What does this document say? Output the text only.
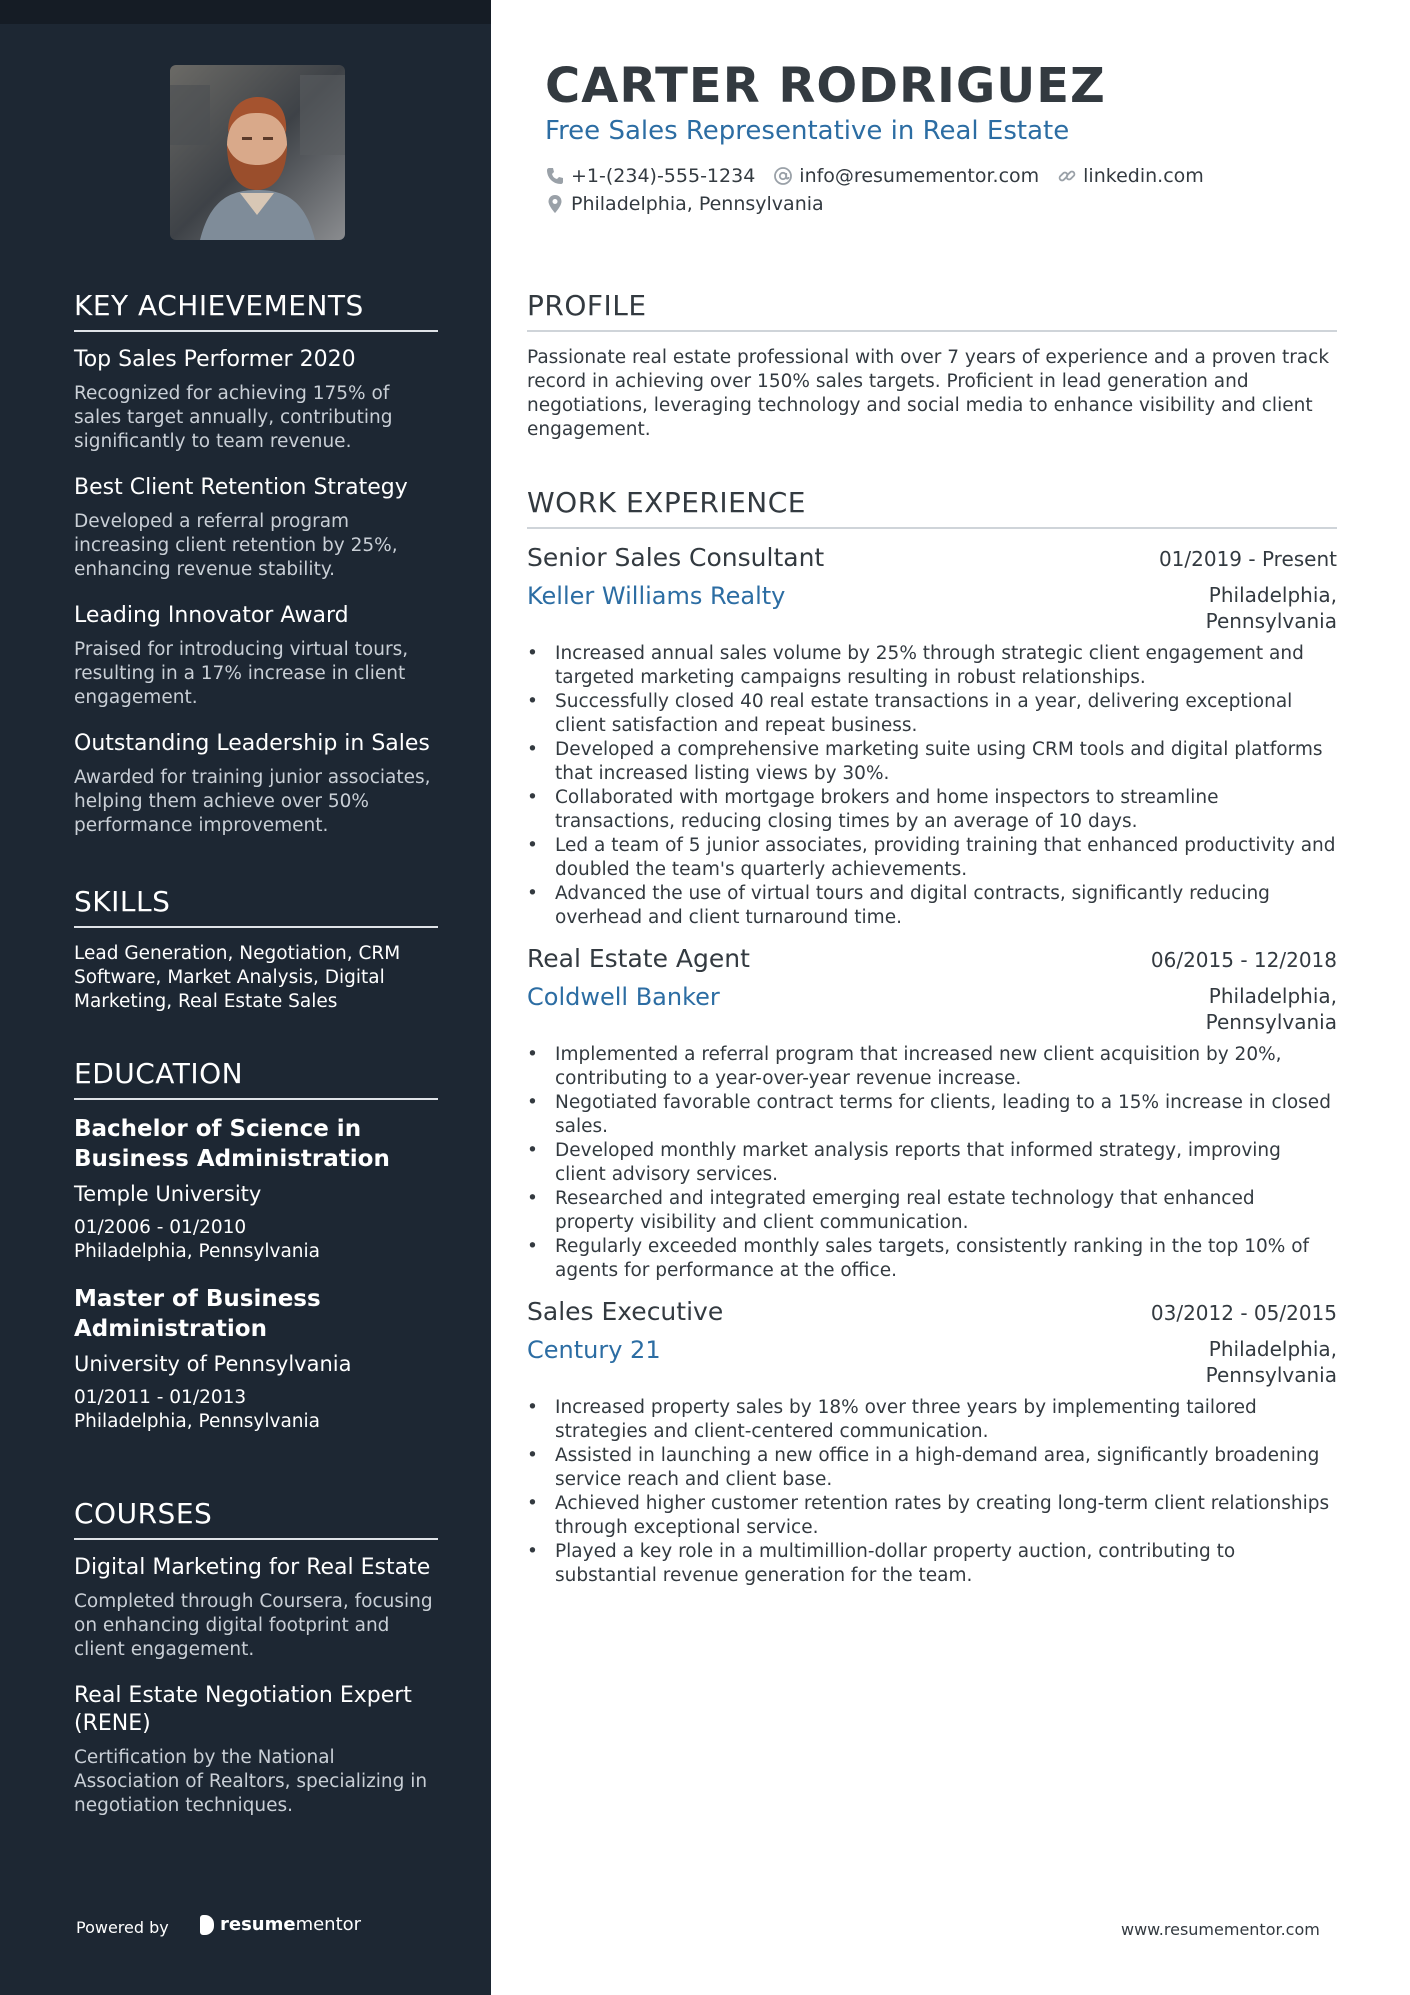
KEY ACHIEVEMENTS
Top Sales Performer 2020
Recognized for achieving 175% of sales target annually, contributing significantly to team revenue.
Best Client Retention Strategy
Developed a referral program increasing client retention by 25%, enhancing revenue stability.
Leading Innovator Award
Praised for introducing virtual tours, resulting in a 17% increase in client engagement.
Outstanding Leadership in Sales
Awarded for training junior associates, helping them achieve over 50% performance improvement.
SKILLS
Lead Generation, Negotiation, CRM Software, Market Analysis, Digital Marketing, Real Estate Sales
EDUCATION
Bachelor of Science in Business Administration
Temple University
01/2006 - 01/2010
Philadelphia, Pennsylvania
Master of Business Administration
University of Pennsylvania
01/2011 - 01/2013
Philadelphia, Pennsylvania
COURSES
Digital Marketing for Real Estate
Completed through Coursera, focusing on enhancing digital footprint and client engagement.
Real Estate Negotiation Expert (RENE)
Certification by the National Association of Realtors, specializing in negotiation techniques.
Powered by	resumementor
CARTER RODRIGUEZ
Free Sales Representative in Real Estate
+1-(234)-555-1234 info@resumementor.com linkedin.com
Philadelphia, Pennsylvania
PROFILE
Passionate real estate professional with over 7 years of experience and a proven track record in achieving over 150% sales targets. Proficient in lead generation and negotiations, leveraging technology and social media to enhance visibility and client engagement.
WORK EXPERIENCE
Senior Sales Consultant	01/2019 - Present
Keller Williams Realty	Philadelphia, Pennsylvania
• Increased annual sales volume by 25% through strategic client engagement and targeted marketing campaigns resulting in robust relationships.
• Successfully closed 40 real estate transactions in a year, delivering exceptional client satisfaction and repeat business.
• Developed a comprehensive marketing suite using CRM tools and digital platforms that increased listing views by 30%.
• Collaborated with mortgage brokers and home inspectors to streamline transactions, reducing closing times by an average of 10 days.
• Led a team of 5 junior associates, providing training that enhanced productivity and doubled the team's quarterly achievements.
• Advanced the use of virtual tours and digital contracts, significantly reducing overhead and client turnaround time.
Real Estate Agent	06/2015 - 12/2018
Coldwell Banker	Philadelphia, Pennsylvania
• Implemented a referral program that increased new client acquisition by 20%, contributing to a year-over-year revenue increase.
• Negotiated favorable contract terms for clients, leading to a 15% increase in closed sales.
• Developed monthly market analysis reports that informed strategy, improving client advisory services.
• Researched and integrated emerging real estate technology that enhanced property visibility and client communication.
• Regularly exceeded monthly sales targets, consistently ranking in the top 10% of agents for performance at the office.
Sales Executive	03/2012 - 05/2015
Century 21	Philadelphia, Pennsylvania
• Increased property sales by 18% over three years by implementing tailored strategies and client-centered communication.
• Assisted in launching a new office in a high-demand area, significantly broadening service reach and client base.
• Achieved higher customer retention rates by creating long-term client relationships through exceptional service.
• Played a key role in a multimillion-dollar property auction, contributing to substantial revenue generation for the team.
www.resumementor.com
